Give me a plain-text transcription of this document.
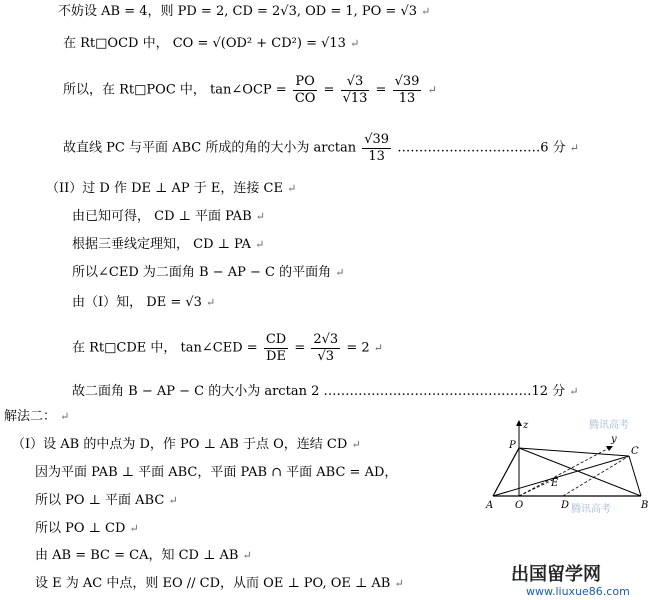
不妨设 AB = 4，则 PD = 2, CD = 2√3, OD = 1, PO = √3 ↵
在 Rt□OCD 中， CO = √(OD² + CD²) = √13 ↵
所以，在 Rt□POC 中， tan∠OCP = $\frac{PO}{CO} = \frac{√3}{√13} = \frac{√39}{13}$ ↵
故直线 PC 与平面 ABC 所成的角的大小为 $\arctan \frac{√39}{13}$ ……………………………6 分 ↵
（II）过 D 作 DE ⊥ AP 于 E，连接 CE ↵
由已知可得， CD ⊥ 平面 PAB ↵
根据三垂线定理知， CD ⊥ PA ↵
所以∠CED 为二面角 B − AP − C 的平面角 ↵
由（I）知， DE = √3 ↵
在 Rt□CDE 中， tan∠CED = $\frac{CD}{DE} = \frac{2√3}{√3} = 2$ ↵
故二面角 B − AP − C 的大小为 arctan 2 …………………………………………12 分 ↵
解法二： ↵
（I）设 AB 的中点为 D，作 PO ⊥ AB 于点 O，连结 CD ↵
因为平面 PAB ⊥ 平面 ABC，平面 PAB ∩ 平面 ABC = AD，
所以 PO ⊥ 平面 ABC ↵
所以 PO ⊥ CD ↵
由 AB = BC = CA，知 CD ⊥ AB ↵
设 E 为 AC 中点，则 EO // CD，从而 OE ⊥ PO, OE ⊥ AB ↵
腾讯高考
腾讯高考
z
y
P
C
E
A O	D	B
出国留学网
www.liuxue86.com
